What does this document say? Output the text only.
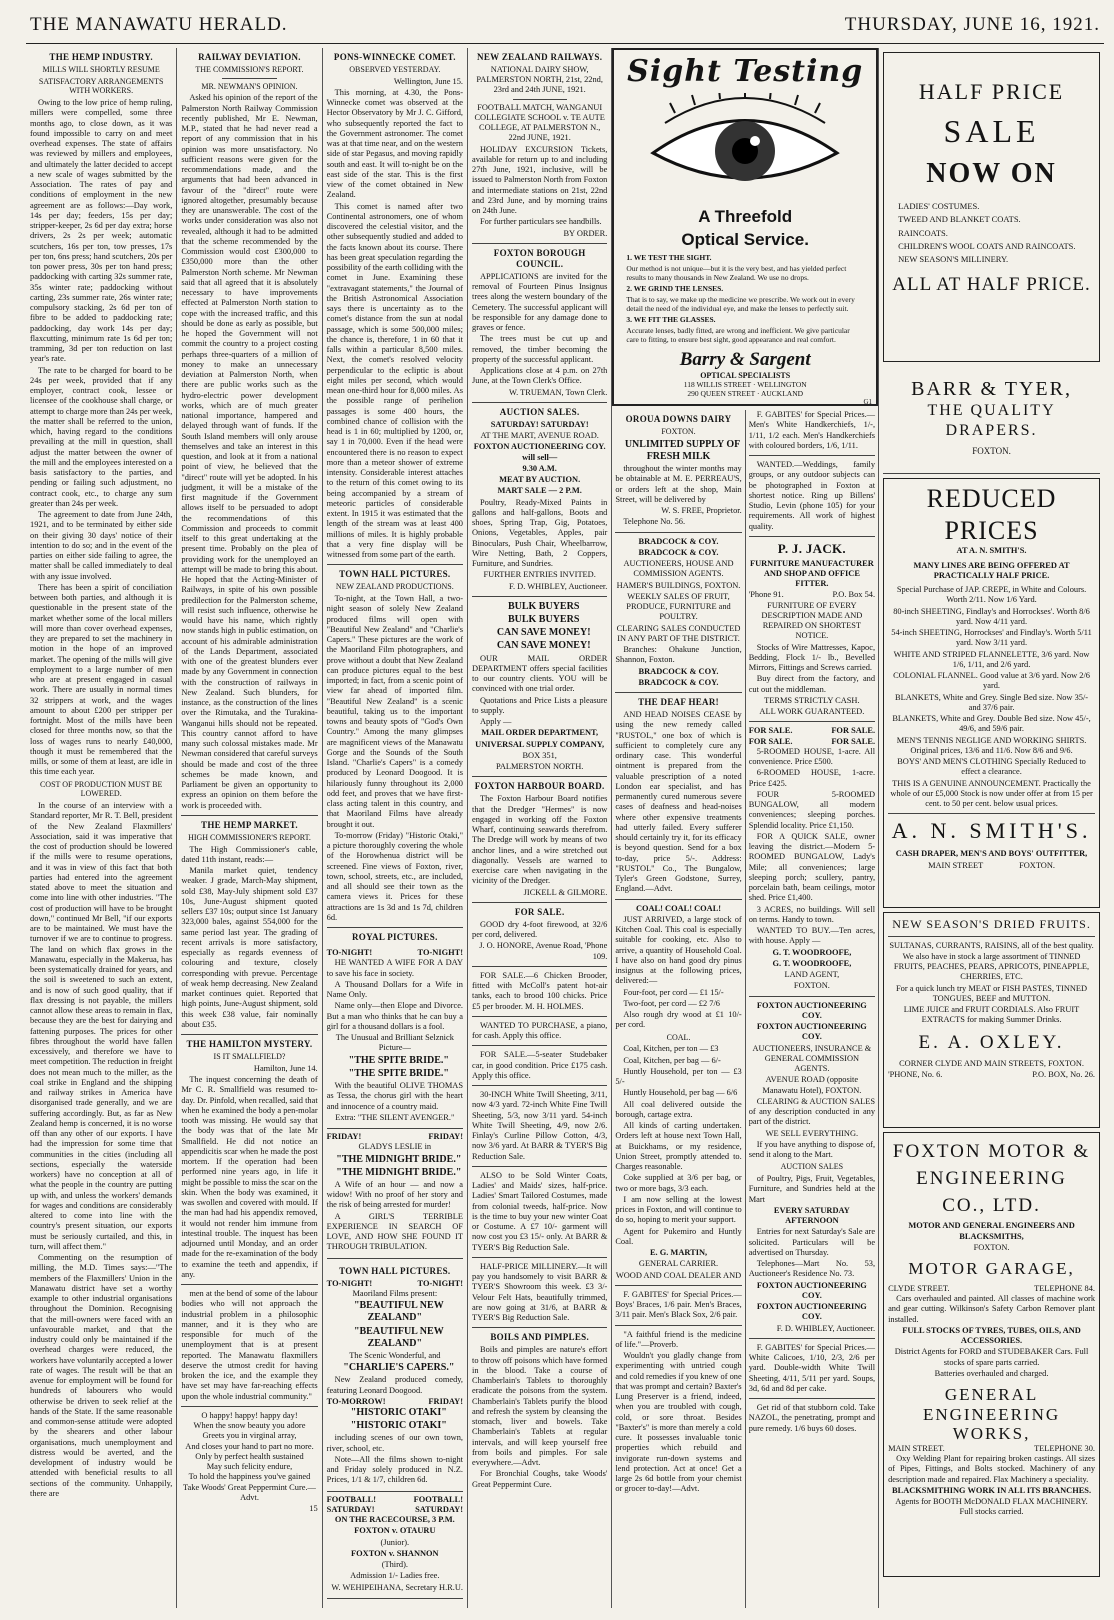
THE MANAWATU HERALD.	THURSDAY, JUNE 16, 1921.
THE HEMP INDUSTRY.
MILLS WILL SHORTLY RESUME
SATISFACTORY ARRANGEMENTS WITH WORKERS.

Owing to the low price of hemp ruling, millers were compelled, some three months ago, to close down, as it was found impossible to carry on and meet overhead expenses. The state of affairs was reviewed by millers and employees, and ultimately the latter decided to accept a new scale of wages submitted by the Association. The rates of pay and conditions of employment in the new agreement are as follows:—Day work, 14s per day; feeders, 15s per day; stripper-keeper, 2s 6d per day extra; horse drivers, 2s 2s per week; automatic scutchers, 16s per ton, tow presses, 17s per ton, 6ns press; hand scutchers, 20s per ton power press, 30s per ton hand press; paddocking with carting 32s summer rate, 35s winter rate; paddocking without carting, 23s summer rate, 26s winter rate; compulsory stacking, 2s 6d per ton of fibre to be added to paddocking rate; paddocking, day work 14s per day; flaxcutting, minimum rate 1s 6d per ton; tramming, 3d per ton reduction on last year's rate.

The rate to be charged for board to be 24s per week, provided that if any employer, contract cook, lessee or licensee of the cookhouse shall charge, or attempt to charge more than 24s per week, the matter shall be referred to the union, which, having regard to the conditions prevailing at the mill in question, shall adjust the matter between the owner of the mill and the employees interested on a basis satisfactory to the parties, and pending or failing such adjustment, no contract cook, etc., to charge any sum greater than 24s per week.

The agreement to date from June 24th, 1921, and to be terminated by either side on their giving 30 days' notice of their intention to do so; and in the event of the parties on either side failing to agree, the matter shall be called immediately to deal with any issue involved.

There has been a spirit of conciliation between both parties, and although it is questionable in the present state of the market whether some of the local millers will more than cover overhead expenses, they are prepared to set the machinery in motion in the hope of an improved market. The opening of the mills will give employment to a large number of men who are at present engaged in casual work. There are usually in normal times 32 strippers at work, and the wages amount to about £200 per stripper per fortnight. Most of the mills have been closed for three months now, so that the loss of wages runs to nearly £40,000, though it must be remembered that the mills, or some of them at least, are idle in this time each year.

COST OF PRODUCTION MUST BE LOWERED.

In the course of an interview with a Standard reporter, Mr R. T. Bell, president of the New Zealand Flaxmillers' Association, said it was imperative that the cost of production should be lowered if the mills were to resume operations, and it was in view of this fact that both parties had entered into the agreement stated above to meet the situation and come into line with other industries. "The cost of production will have to be brought down," continued Mr Bell, "if our exports are to be maintained. We must have the turnover if we are to continue to progress. The land on which flax grows in the Manawatu, especially in the Makerua, has been systematically drained for years, and the soil is sweetened to such an extent, and is now of such good quality, that if flax dressing is not payable, the millers cannot allow these areas to remain in flax, because they are the best for dairying and fattening purposes. The prices for other fibres throughout the world have fallen excessively, and therefore we have to meet competition. The reduction in freight does not mean much to the miller, as the coal strike in England and the shipping and railway strikes in America have disorganised trade generally, and we are suffering accordingly. But, as far as New Zealand hemp is concerned, it is no worse off than any other of our exports. I have had the impression for some time that communities in the cities (including all sections, especially the waterside workers) have no conception at all of what the people in the country are putting up with, and unless the workers' demands for wages and conditions are considerably altered to come into line with the country's present situation, our exports must be seriously curtailed, and this, in turn, will affect them."

Commenting on the resumption of milling, the M.D. Times says:—"The members of the Flaxmillers' Union in the Manawatu district have set a worthy example to other industrial organisations throughout the Dominion. Recognising that the mill-owners were faced with an unfavourable market, and that the industry could only be maintained if the overhead charges were reduced, the workers have voluntarily accepted a lower rate of wages. The result will be that an avenue for employment will be found for hundreds of labourers who would otherwise be driven to seek relief at the hands of the State. If the same reasonable and common-sense attitude were adopted by the shearers and other labour organisations, much unemployment and distress would be averted, and the development of industry would be attended with beneficial results to all sections of the community. Unhappily, there are

RAILWAY DEVIATION.
THE COMMISSION'S REPORT.
MR. NEWMAN'S OPINION.

Asked his opinion of the report of the Palmerston North Railway Commission recently published, Mr E. Newman, M.P., stated that he had never read a report of any commission that in his opinion was more unsatisfactory. No sufficient reasons were given for the recommendations made, and the arguments that had been advanced in favour of the "direct" route were ignored altogether, presumably because they are unanswerable. The cost of the works under consideration was also not revealed, although it had to be admitted that the scheme recommended by the Commission would cost £300,000 to £350,000 more than the other Palmerston North scheme. Mr Newman said that all agreed that it is absolutely necessary to have improvements effected at Palmerston North station to cope with the increased traffic, and this should be done as early as possible, but he hoped the Government will not commit the country to a project costing perhaps three-quarters of a million of money to make an unnecessary deviation at Palmerston North, when there are public works such as the hydro-electric power development works, which are of much greater national importance, hampered and delayed through want of funds. If the South Island members will only arouse themselves and take an interest in this question, and look at it from a national point of view, he believed that the "direct" route will yet be adopted. In his judgment, it will be a mistake of the first magnitude if the Government allows itself to be persuaded to adopt the recommendations of this Commission and proceeds to commit itself to this great undertaking at the present time. Probably on the plea of providing work for the unemployed an attempt will be made to bring this about. He hoped that the Acting-Minister of Railways, in spite of his own possible predilection for the Palmerston scheme, will resist such influence, otherwise he would have his name, which rightly now stands high in public estimation, on account of his admirable administration of the Lands Department, associated with one of the greatest blunders ever made by any Government in connection with the construction of railways in New Zealand. Such blunders, for instance, as the construction of the lines over the Rimutaka, and the Turakina-Wanganui hills should not be repeated. This country cannot afford to have many such colossal mistakes made. Mr Newman considered that careful surveys should be made and cost of the three schemes be made known, and Parliament be given an opportunity to express an opinion on them before the work is proceeded with.

THE HEMP MARKET.
HIGH COMMISSIONER'S REPORT.

The High Commissioner's cable, dated 11th instant, reads:—

Manila market quiet, tendency weaker. J grade, March-May shipment, sold £38, May-July shipment sold £37 10s, June-August shipment quoted sellers £37 10s; output since 1st January 323,000 bales, against 554,000 for the same period last year. The grading of recent arrivals is more satisfactory, especially as regards evenness of colouring and texture, closely corresponding with prevue. Percentage of weak hemp decreasing. New Zealand market continues quiet. Reported that high points, June-August shipment, sold this week £38 value, fair nominally about £35.

THE HAMILTON MYSTERY.
IS IT SMALLFIELD?

Hamilton, June 14.

The inquest concerning the death of Mr C. R. Smallfield was resumed to-day. Dr. Pinfold, when recalled, said that when he examined the body a pen-molar tooth was missing. He would say that the body was that of the late Mr Smallfield. He did not notice an appendicitis scar when he made the post mortem. If the operation had been performed nine years ago, in life it might be possible to miss the scar on the skin. When the body was examined, it was swollen and covered with mould. If the man had had his appendix removed, it would not render him immune from intestinal trouble. The inquest has been adjourned until Monday, and an order made for the re-examination of the body to examine the teeth and appendix, if any.

men at the bend of some of the labour bodies who will not approach the industrial problem in a philosophic manner, and it is they who are responsible for much of the unemployment that is at present reported. The Manawatu flaxmillers deserve the utmost credit for having broken the ice, and the example they have set may have far-reaching effects upon the whole industrial community."

O happy! happy! happy day!
When the snow beauty you adore
Greets you in virginal array,
And closes your hand to part no more.
Only by perfect health sustained
May such felicity endure,
To hold the happiness you've gained
Take Woods' Great Peppermint Cure.—Advt.

15

PONS-WINNECKE COMET.
OBSERVED YESTERDAY.

Wellington, June 15.

This morning, at 4.30, the Pons-Winnecke comet was observed at the Hector Observatory by Mr J. C. Gifford, who subsequently reported the fact to the Government astronomer. The comet was at that time near, and on the western side of star Pegasus, and moving rapidly south and east. It will to-night be on the east side of the star. This is the first view of the comet obtained in New Zealand.

This comet is named after two Continental astronomers, one of whom discovered the celestial visitor, and the other subsequently studied and added to the facts known about its course. There has been great speculation regarding the possibility of the earth colliding with the comet in June. Examining these "extravagant statements," the Journal of the British Astronomical Association says there is uncertainty as to the comet's distance from the sun at nodal passage, which is some 500,000 miles; the chance is, therefore, 1 in 60 that it falls within a particular 8,500 miles. Next, the comet's resolved velocity perpendicular to the ecliptic is about eight miles per second, which would mean one-third hour for 8,000 miles. As the possible range of perihelion passages is some 400 hours, the combined chance of collision with the head is 1 in 60; multiplied by 1200, or, say 1 in 70,000. Even if the head were encountered there is no reason to expect more than a meteor shower of extreme intensity. Considerable interest attaches to the return of this comet owing to its being accompanied by a stream of meteoric particles of considerable extent. In 1915 it was estimated that the length of the stream was at least 400 millions of miles. It is highly probable that a very fine display will be witnessed from some part of the earth.

TOWN HALL PICTURES.
NEW ZEALAND PRODUCTIONS.

To-night, at the Town Hall, a two-night season of solely New Zealand produced films will open with "Beautiful New Zealand" and "Charlie's Capers." These pictures are the work of the Maoriland Film photographers, and prove without a doubt that New Zealand can produce pictures equal to the best imported; in fact, from a scenic point of view far ahead of imported film. "Beautiful New Zealand" is a scenic beautiful, taking us to the important towns and beauty spots of "God's Own Country." Among the many glimpses are magnificent views of the Manawatu Gorge and the Sounds of the South Island. "Charlie's Capers" is a comedy produced by Leonard Doogood. It is hilariously funny throughout its 2,000 odd feet, and proves that we have first-class acting talent in this country, and that Maoriland Films have already brought it out.

To-morrow (Friday) "Historic Otaki," a picture thoroughly covering the whole of the Horowhenua district will be screened. Fine views of Foxton, river, town, school, streets, etc., are included, and all should see their town as the camera views it. Prices for these attractions are 1s 3d and 1s 7d, children 6d.

ROYAL PICTURES.
TO-NIGHT!	TO-NIGHT!

HE WANTED A WIFE FOR A DAY to save his face in society.

A Thousand Dollars for a Wife in Name Only.

Name only—then Elope and Divorce. But a man who thinks that he can buy a girl for a thousand dollars is a fool.

The Unusual and Brilliant Selznick Picture—

"THE SPITE BRIDE."

"THE SPITE BRIDE."

With the beautiful OLIVE THOMAS as Tessa, the chorus girl with the heart and innocence of a country maid.

Extra: "THE SILENT AVENGER."

FRIDAY!	FRIDAY!

GLADYS LESLIE in

"THE MIDNIGHT BRIDE."

"THE MIDNIGHT BRIDE."

A Wife of an hour — and now a widow! With no proof of her story and the risk of being arrested for murder!

A GIRL'S TERRIBLE EXPERIENCE IN SEARCH OF LOVE, AND HOW SHE FOUND IT THROUGH TRIBULATION.

TOWN HALL PICTURES.
TO-NIGHT!	TO-NIGHT!

Maoriland Films present:

"BEAUTIFUL NEW ZEALAND"

"BEAUTIFUL NEW ZEALAND"

The Scenic Wonderful, and

"CHARLIE'S CAPERS."

New Zealand produced comedy, featuring Leonard Doogood.

TO-MORROW!	FRIDAY!

"HISTORIC OTAKI"

"HISTORIC OTAKI"

including scenes of our own town, river, school, etc.

Note—All the films shown to-night and Friday solely produced in N.Z. Prices, 1/1 & 1/7, children 6d.

FOOTBALL!	FOOTBALL!
SATURDAY!	SATURDAY!

ON THE RACECOURSE, 3 P.M.

FOXTON v. OTAURU

(Junior).

FOXTON v. SHANNON

(Third).

Admission 1/- Ladies free.

W. WEHIPEIHANA, Secretary H.R.U.

NEW ZEALAND RAILWAYS.

NATIONAL DAIRY SHOW, PALMERSTON NORTH, 21st, 22nd, 23rd and 24th JUNE, 1921.

FOOTBALL MATCH, WANGANUI COLLEGIATE SCHOOL v. TE AUTE COLLEGE, AT PALMERSTON N., 22nd JUNE, 1921.

HOLIDAY EXCURSION Tickets, available for return up to and including 27th June, 1921, inclusive, will be issued to Palmerston North from Foxton and intermediate stations on 21st, 22nd and 23rd June, and by morning trains on 24th June.

For further particulars see handbills.

BY ORDER.

FOXTON BOROUGH COUNCIL.

APPLICATIONS are invited for the removal of Fourteen Pinus Insignus trees along the western boundary of the Cemetery. The successful applicant will be responsible for any damage done to graves or fence.

The trees must be cut up and removed, the timber becoming the property of the successful applicant.

Applications close at 4 p.m. on 27th June, at the Town Clerk's Office.

W. TRUEMAN, Town Clerk.

AUCTION SALES.

SATURDAY! SATURDAY!

AT THE MART, AVENUE ROAD.

FOXTON AUCTIONEERING COY. will sell—

9.30 A.M.

MEAT BY AUCTION.

MART SALE — 2 P.M.

Poultry, Ready-Mixed Paints in gallons and half-gallons, Boots and shoes, Spring Trap, Gig, Potatoes, Onions, Vegetables, Apples, pair Binoculars, Push Chair, Wheelbarrow, Wire Netting, Bath, 2 Coppers, Furniture, and Sundries.

FURTHER ENTRIES INVITED.

F. D. WHIBLEY, Auctioneer.

BULK BUYERS

BULK BUYERS

CAN SAVE MONEY!

CAN SAVE MONEY!

OUR MAIL ORDER DEPARTMENT offers special facilities to our country clients. YOU will be convinced with one trial order.

Quotations and Price Lists a pleasure to supply.

Apply —

MAIL ORDER DEPARTMENT,

UNIVERSAL SUPPLY COMPANY,

BOX 351,

PALMERSTON NORTH.

FOXTON HARBOUR BOARD.

The Foxton Harbour Board notifies that the Dredger "Hermes" is now engaged in working off the Foxton Wharf, continuing seawards therefrom. The Dredge will work by means of two anchor lines, and a wire stretched out diagonally. Vessels are warned to exercise care when navigating in the vicinity of the Dredger.

JICKELL & GILMORE.

FOR SALE.

GOOD dry 4-foot firewood, at 32/6 per cord, delivered.

J. O. HONORE, Avenue Road, 'Phone 109.

FOR SALE.—6 Chicken Brooder, fitted with McColl's patent hot-air tanks, each to brood 100 chicks. Price £5 per brooder. M. H. HOLMES.

WANTED TO PURCHASE, a piano, for cash. Apply this office.

FOR SALE.—5-seater Studebaker car, in good condition. Price £175 cash. Apply this office.

30-INCH White Twill Sheeting, 3/11, now 4/3 yard. 72-inch White Fine Twill Sheeting, 5/3, now 3/11 yard. 54-inch White Twill Sheeting, 4/9, now 2/6. Finlay's Curline Pillow Cotton, 4/3, now 3/6 yard. At BARR & TYER'S Big Reduction Sale.

ALSO to be Sold Winter Coats, Ladies' and Maids' sizes, half-price. Ladies' Smart Tailored Costumes, made from colonial tweeds, half-price. Now is the time to buy your new winter Coat or Costume. A £7 10/- garment will now cost you £3 15/- only. At BARR & TYER'S Big Reduction Sale.

HALF-PRICE MILLINERY.—It will pay you handsomely to visit BARR & TYER'S Showroom this week. £3 3/- Velour Felt Hats, beautifully trimmed, are now going at 31/6, at BARR & TYER'S Big Reduction Sale.

BOILS AND PIMPLES.

Boils and pimples are nature's effort to throw off poisons which have formed in the blood. Take a course of Chamberlain's Tablets to thoroughly eradicate the poisons from the system. Chamberlain's Tablets purify the blood and refresh the system by cleansing the stomach, liver and bowels. Take Chamberlain's Tablets at regular intervals, and will keep yourself free from boils and pimples. For sale everywhere.—Advt.

For Bronchial Coughs, take Woods' Great Peppermint Cure.

Sight Testing
A Threefold
Optical Service.
1. WE TEST THE SIGHT.
Our method is not unique—but it is the very best, and has yielded perfect results to many thousands in New Zealand. We use no drops.
2. WE GRIND THE LENSES.
That is to say, we make up the medicine we prescribe. We work out in every detail the need of the individual eye, and make the lenses to perfectly suit.
3. WE FIT THE GLASSES.
Accurate lenses, badly fitted, are wrong and inefficient. We give particular care to fitting, to ensure best sight, good appearance and real comfort.
Barry & Sargent
OPTICAL SPECIALISTS
118 WILLIS STREET · WELLINGTON
290 QUEEN STREET · AUCKLAND
G1
OROUA DOWNS DAIRY
FOXTON.

UNLIMITED SUPPLY OF FRESH MILK

throughout the winter months may be obtainable at M. E. PERREAU'S, or orders left at the shop, Main Street, will be delivered by

W. S. FREE, Proprietor.

Telephone No. 56.

BRADCOCK & COY.

BRADCOCK & COY.

AUCTIONEERS, HOUSE AND COMMISSION AGENTS.

HAMER'S BUILDINGS, FOXTON.

WEEKLY SALES OF FRUIT, PRODUCE, FURNITURE and POULTRY.

CLEARING SALES CONDUCTED IN ANY PART OF THE DISTRICT.

Branches: Ohakune Junction, Shannon, Foxton.

BRADCOCK & COY.

BRADCOCK & COY.

THE DEAF HEAR!

AND HEAD NOISES CEASE by using the new remedy called "RUSTOL," one box of which is sufficient to completely cure any ordinary case. This wonderful ointment is prepared from the valuable prescription of a noted London ear specialist, and has permanently cured numerous severe cases of deafness and head-noises where other expensive treatments had utterly failed. Every sufferer should certainly try it, for its efficacy is beyond question. Send for a box to-day, price 5/-. Address: "RUSTOL" Co., The Bungalow, Tyler's Green Godstone, Surrey, England.—Advt.

COAL! COAL! COAL!

JUST ARRIVED, a large stock of Kitchen Coal. This coal is especially suitable for cooking, etc. Also to arrive, a quantity of Household Coal. I have also on hand good dry pinus insignus at the following prices, delivered:—

Four-foot, per cord — £1 15/-

Two-foot, per cord — £2 7/6

Also rough dry wood at £1 10/- per cord.

COAL.

Coal, Kitchen, per ton — £3

Coal, Kitchen, per bag — 6/-

Huntly Household, per ton — £3 5/-

Huntly Household, per bag — 6/6

All coal delivered outside the borough, cartage extra.

All kinds of carting undertaken. Orders left at house next Town Hall, at Buickhams, or my residence, Union Street, promptly attended to. Charges reasonable.

Coke supplied at 3/6 per bag, or two or more bags, 3/3 each.

I am now selling at the lowest prices in Foxton, and will continue to do so, hoping to merit your support.

Agent for Pukemiro and Huntly Coal.

E. G. MARTIN,

GENERAL CARRIER.

WOOD AND COAL DEALER AND

F. GABITES' for Special Prices.—Boys' Braces, 1/6 pair. Men's Braces, 3/11 pair. Men's Black Sox, 2/6 pair.

"A faithful friend is the medicine of life."—Proverb.

Wouldn't you gladly change from experimenting with untried cough and cold remedies if you knew of one that was prompt and certain? Baxter's Lung Preserver is a friend, indeed, when you are troubled with cough, cold, or sore throat. Besides "Baxter's" is more than merely a cold cure. It possesses invaluable tonic properties which rebuild and invigorate run-down systems and lend protection. Act at once! Get a large 2s 6d bottle from your chemist or grocer to-day!—Advt.

F. GABITES' for Special Prices.—Men's White Handkerchiefs, 1/-, 1/11, 1/2 each. Men's Handkerchiefs with coloured borders, 1/6, 1/11.

WANTED.—Weddings, family groups, or any outdoor subjects can be photographed in Foxton at shortest notice. Ring up Billens' Studio, Levin (phone 105) for your requirements. All work of highest quality.

P. J. JACK.

FURNITURE MANUFACTURER AND SHOP AND OFFICE FITTER.

'Phone 91.	P.O. Box 54.

FURNITURE OF EVERY DESCRIPTION MADE AND REPAIRED ON SHORTEST NOTICE.

Stocks of Wire Mattresses, Kapoc, Bedding, Flock 1/- lb., Bevelled Mirrors, Fittings and Screws carried.

Buy direct from the factory, and cut out the middleman.

TERMS STRICTLY CASH.

ALL WORK GUARANTEED.

FOR SALE.	FOR SALE.
FOR SALE.	FOR SALE.

5-ROOMED HOUSE, 1-acre. All convenience. Price £500.

6-ROOMED HOUSE, 1-acre. Price £425.

FOUR 5-ROOMED BUNGALOW, all modern conveniences; sleeping porches. Splendid locality. Price £1,150.

FOR A QUICK SALE, owner leaving the district.—Modern 5-ROOMED BUNGALOW, Lady's Mile; all conveniences; large sleeping porch; scullery, pantry, porcelain bath, beam ceilings, motor shed. Price £1,400.

3 ACRES, no buildings. Will sell on terms. Handy to town.

WANTED TO BUY.—Ten acres, with house. Apply —

G. T. WOODROOFE,

G. T. WOODROOFE,

LAND AGENT,

FOXTON.

FOXTON AUCTIONEERING COY.

FOXTON AUCTIONEERING COY.

AUCTIONEERS, INSURANCE & GENERAL COMMISSION AGENTS.

AVENUE ROAD (opposite Manawatu Hotel), FOXTON.

CLEARING & AUCTION SALES of any description conducted in any part of the district.

WE SELL EVERYTHING.

If you have anything to dispose of, send it along to the Mart.

AUCTION SALES

of Poultry, Pigs, Fruit, Vegetables, Furniture, and Sundries held at the Mart

EVERY SATURDAY AFTERNOON

Entries for next Saturday's Sale are solicited. Particulars will be advertised on Thursday.

Telephones—Mart No. 53, Auctioneer's Residence No. 73.

FOXTON AUCTIONEERING COY.

FOXTON AUCTIONEERING COY.

F. D. WHIBLEY, Auctioneer.

F. GABITES' for Special Prices.—White Calicoes, 1/10, 2/3, 2/6 per yard. Double-width White Twill Sheeting, 4/11, 5/11 per yard. Soups, 3d, 6d and 8d per cake.

Get rid of that stubborn cold. Take NAZOL, the penetrating, prompt and pure remedy. 1/6 buys 60 doses.

HALF PRICE
SALE
NOW ON
LADIES' COSTUMES.
TWEED AND BLANKET COATS.
RAINCOATS.
CHILDREN'S WOOL COATS AND RAINCOATS.
NEW SEASON'S MILLINERY.
ALL AT HALF PRICE.
BARR & TYER,
THE QUALITY DRAPERS.

FOXTON.

REDUCED PRICES

AT A. N. SMITH'S.

MANY LINES ARE BEING OFFERED AT PRACTICALLY HALF PRICE.

Special Purchase of JAP. CREPE, in White and Colours. Worth 2/11. Now 1/6 Yard.

80-inch SHEETING, Findlay's and Horrockses'. Worth 8/6 yard. Now 4/11 yard.

54-inch SHEETING, Horrockses' and Findlay's. Worth 5/11 yard. Now 3/11 yard.

WHITE AND STRIPED FLANNELETTE, 3/6 yard. Now 1/6, 1/11, and 2/6 yard.

COLONIAL FLANNEL. Good value at 3/6 yard. Now 2/6 yard.

BLANKETS, White and Grey. Single Bed size. Now 35/- and 37/6 pair.

BLANKETS, White and Grey. Double Bed size. Now 45/-, 49/6, and 59/6 pair.

MEN'S TENNIS NEGLIGE AND WORKING SHIRTS. Original prices, 13/6 and 11/6. Now 8/6 and 9/6.

BOYS' AND MEN'S CLOTHING Specially Reduced to effect a clearance.

THIS IS A GENUINE ANNOUNCEMENT. Practically the whole of our £5,000 Stock is now under offer at from 15 per cent. to 50 per cent. below usual prices.

A. N. SMITH'S.

CASH DRAPER, MEN'S AND BOYS' OUTFITTER,

MAIN STREET	FOXTON.

NEW SEASON'S DRIED FRUITS.

SULTANAS, CURRANTS, RAISINS, all of the best quality.

We also have in stock a large assortment of TINNED FRUITS, PEACHES, PEARS, APRICOTS, PINEAPPLE, CHERRIES, ETC.

For a quick lunch try MEAT or FISH PASTES, TINNED TONGUES, BEEF and MUTTON.

LIME JUICE and FRUIT CORDIALS. Also FRUIT EXTRACTS for making Summer Drinks.

E. A. OXLEY.

CORNER CLYDE AND MAIN STREETS, FOXTON.

'PHONE, No. 6.	P.O. BOX, No. 26.
FOXTON MOTOR &
ENGINEERING
CO., LTD.

MOTOR AND GENERAL ENGINEERS AND BLACKSMITHS,

FOXTON.

MOTOR GARAGE,
CLYDE STREET.	TELEPHONE 84.

Cars overhauled and painted. All classes of machine work and gear cutting. Wilkinson's Safety Carbon Remover plant installed.

FULL STOCKS OF TYRES, TUBES, OILS, AND ACCESSORIES.

District Agents for FORD and STUDEBAKER Cars. Full stocks of spare parts carried.

Batteries overhauled and charged.

GENERAL ENGINEERING
WORKS,
MAIN STREET.	TELEPHONE 30.

Oxy Welding Plant for repairing broken castings. All sizes of Pipes, Fittings, and Bolts stocked. Machinery of any description made and repaired. Flax Machinery a speciality.

BLACKSMITHING WORK IN ALL ITS BRANCHES.

Agents for BOOTH McDONALD FLAX MACHINERY. Full stocks carried.
